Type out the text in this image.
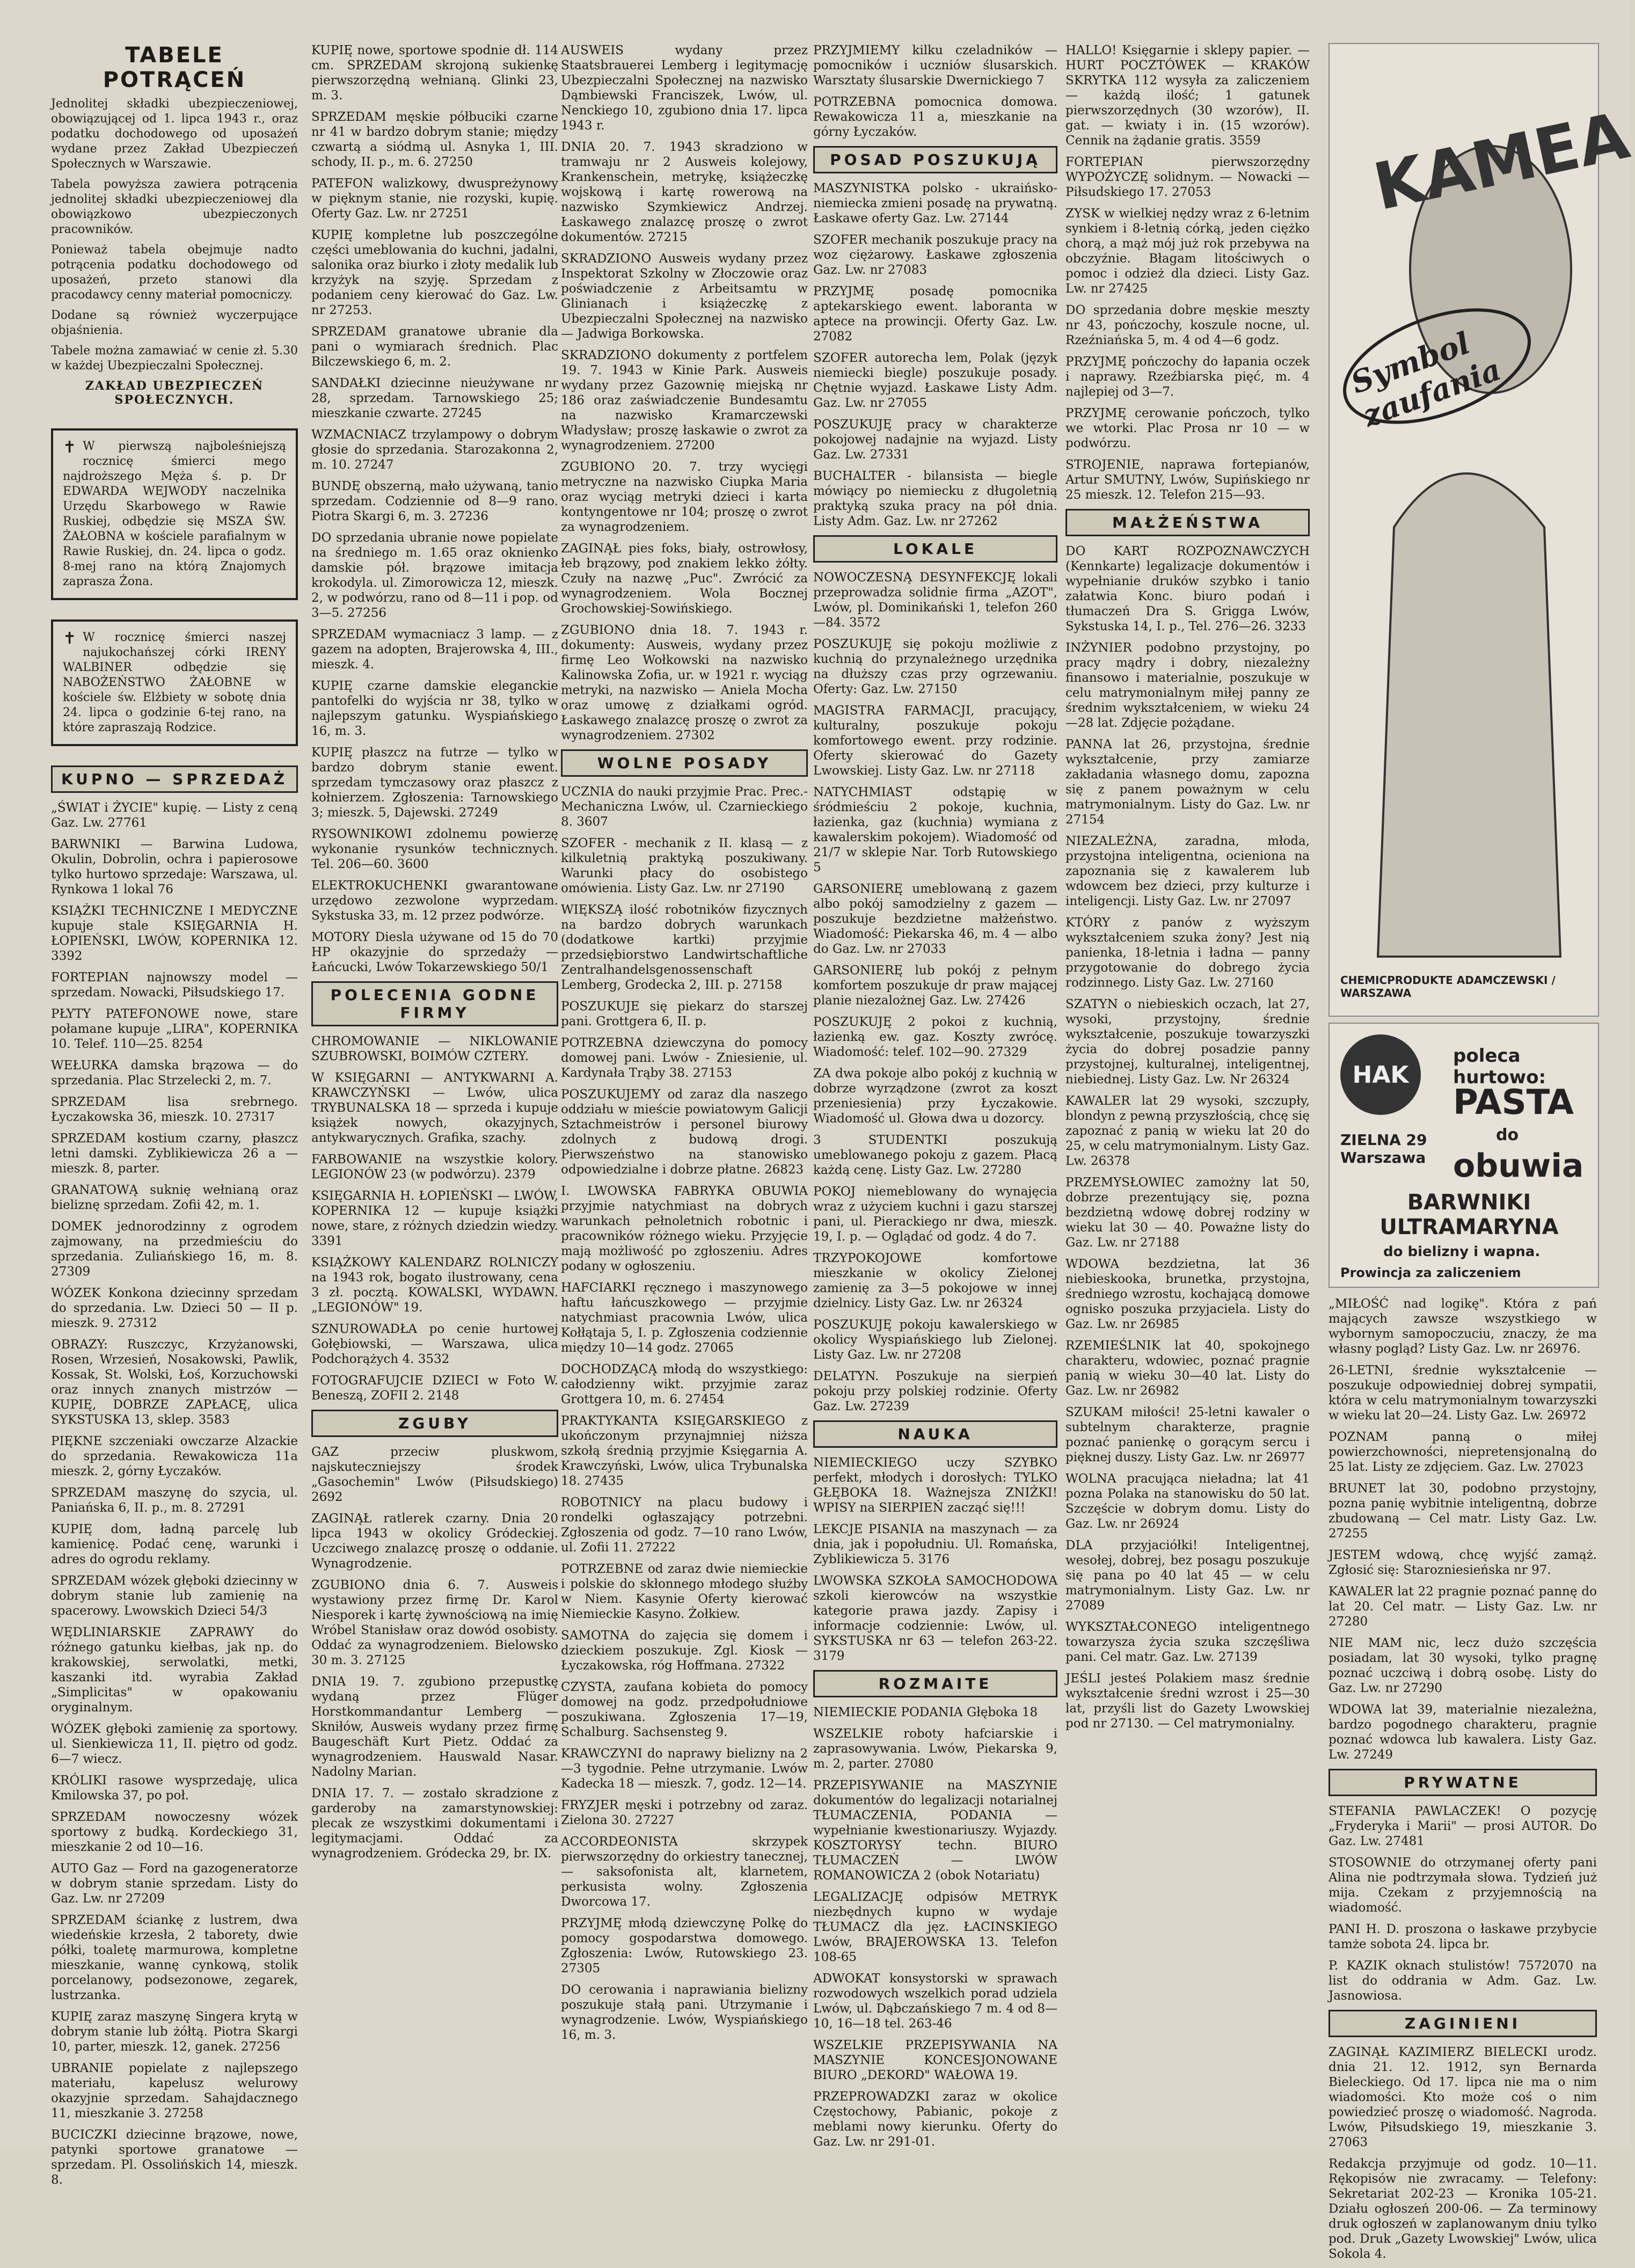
TABELE POTRĄCEŃ
Jednolitej składki ubezpieczeniowej, obowiązującej od 1. lipca 1943 r., oraz podatku dochodowego od uposażeń wydane przez Zakład Ubezpieczeń Społecznych w Warszawie.
Tabela powyższa zawiera potrącenia jednolitej składki ubezpieczeniowej dla obowiązkowo ubezpieczonych pracowników.
Ponieważ tabela obejmuje nadto potrącenia podatku dochodowego od uposażeń, przeto stanowi dla pracodawcy cenny materiał pomocniczy.
Dodane są również wyczerpujące objaśnienia.
Tabele można zamawiać w cenie zł. 5.30 w każdej Ubezpieczalni Społecznej.
ZAKŁAD UBEZPIECZEŃ SPOŁECZNYCH.
✝ W pierwszą najboleśniejszą rocznicę śmierci mego najdroższego Męża ś. p. Dr EDWARDA WEJWODY naczelnika Urzędu Skarbowego w Rawie Ruskiej, odbędzie się MSZA ŚW. ŻAŁOBNA w kościele parafialnym w Rawie Ruskiej, dn. 24. lipca o godz. 8-mej rano na którą Znajomych zaprasza Żona.
✝ W rocznicę śmierci naszej najukochańszej córki IRENY WALBINER odbędzie się NABOŻEŃSTWO ŻAŁOBNE w kościele św. Elżbiety w sobotę dnia 24. lipca o godzinie 6-tej rano, na które zapraszają Rodzice.
KUPNO — SPRZEDAŻ
„ŚWIAT i ŻYCIE" kupię. — Listy z ceną Gaz. Lw. 27761
BARWNIKI — Barwina Ludowa, Okulin, Dobrolin, ochra i papierosowe tylko hurtowo sprzedaje: Warszawa, ul. Rynkowa 1 lokal 76
KSIĄŻKI TECHNICZNE I MEDYCZNE kupuje stale KSIĘGARNIA H. ŁOPIEŃSKI, LWÓW, KOPERNIKA 12. 3392
FORTEPIAN najnowszy model — sprzedam. Nowacki, Piłsudskiego 17.
PŁYTY PATEFONOWE nowe, stare połamane kupuje „LIRA", KOPERNIKA 10. Telef. 110—25. 8254
WEŁURKA damska brązowa — do sprzedania. Plac Strzelecki 2, m. 7.
SPRZEDAM lisa srebrnego. Łyczakowska 36, mieszk. 10. 27317
SPRZEDAM kostium czarny, płaszcz letni damski. Zyblikiewicza 26 a — mieszk. 8, parter.
GRANATOWĄ suknię wełnianą oraz bieliznę sprzedam. Zofii 42, m. 1.
DOMEK jednorodzinny z ogrodem zajmowany, na przedmieściu do sprzedania. Zuliańskiego 16, m. 8. 27309
WÓZEK Konkona dziecinny sprzedam do sprzedania. Lw. Dzieci 50 — II p. mieszk. 9. 27312
OBRAZY: Ruszczyc, Krzyżanowski, Rosen, Wrzesień, Nosakowski, Pawlik, Kossak, St. Wolski, Łoś, Korzuchowski oraz innych znanych mistrzów — KUPIĘ, DOBRZE ZAPŁACĘ, ulica SYKSTUSKA 13, sklep. 3583
PIĘKNE szczeniaki owczarze Alzackie do sprzedania. Rewakowicza 11a mieszk. 2, górny Łyczaków.
SPRZEDAM maszynę do szycia, ul. Paniańska 6, II. p., m. 8. 27291
KUPIĘ dom, ładną parcelę lub kamienicę. Podać cenę, warunki i adres do ogrodu reklamy.
SPRZEDAM wózek głęboki dziecinny w dobrym stanie lub zamienię na spacerowy. Lwowskich Dzieci 54/3
WĘDLINIARSKIE ZAPRAWY do różnego gatunku kiełbas, jak np. do krakowskiej, serwolatki, metki, kaszanki itd. wyrabia Zakład „Simplicitas" w opakowaniu oryginalnym.
WÓZEK głęboki zamienię za sportowy. ul. Sienkiewicza 11, II. piętro od godz. 6—7 wiecz.
KRÓLIKI rasowe wysprzedaję, ulica Kmilowska 37, po poł.
SPRZEDAM nowoczesny wózek sportowy z budką. Kordeckiego 31, mieszkanie 2 od 10—16.
AUTO Gaz — Ford na gazogeneratorze w dobrym stanie sprzedam. Listy do Gaz. Lw. nr 27209
SPRZEDAM ściankę z lustrem, dwa wiedeńskie krzesła, 2 taborety, dwie półki, toaletę marmurowa, kompletne mieszkanie, wannę cynkową, stolik porcelanowy, podsezonowe, zegarek, lustrzanka.
KUPIĘ zaraz maszynę Singera krytą w dobrym stanie lub żółtą. Piotra Skargi 10, parter, mieszk. 12, ganek. 27256
UBRANIE popielate z najlepszego materiału, kapelusz welurowy okazyjnie sprzedam. Sahajdacznego 11, mieszkanie 3. 27258
BUCICZKI dziecinne brązowe, nowe, patynki sportowe granatowe — sprzedam. Pl. Ossolińskich 14, mieszk. 8.
KUPIĘ nowe, sportowe spodnie dł. 114 cm. SPRZEDAM skrojoną sukienkę pierwszorzędną wełnianą. Glinki 23, m. 3.
SPRZEDAM męskie półbuciki czarne nr 41 w bardzo dobrym stanie; między czwartą a siódmą ul. Asnyka 1, III. schody, II. p., m. 6. 27250
PATEFON walizkowy, dwuspreżynowy w pięknym stanie, nie rozyski, kupię. Oferty Gaz. Lw. nr 27251
KUPIĘ kompletne lub poszczególne części umeblowania do kuchni, jadalni, salonika oraz biurko i złoty medalik lub krzyżyk na szyję. Sprzedam z podaniem ceny kierować do Gaz. Lw. nr 27253.
SPRZEDAM granatowe ubranie dla pani o wymiarach średnich. Plac Bilczewskiego 6, m. 2.
SANDAŁKI dziecinne nieużywane nr 28, sprzedam. Tarnowskiego 25; mieszkanie czwarte. 27245
WZMACNIACZ trzylampowy o dobrym głosie do sprzedania. Starozakonna 2, m. 10. 27247
BUNDĘ obszerną, mało używaną, tanio sprzedam. Codziennie od 8—9 rano. Piotra Skargi 6, m. 3. 27236
DO sprzedania ubranie nowe popielate na średniego m. 1.65 oraz oknienko damskie pół. brązowe imitacja krokodyla. ul. Zimorowicza 12, mieszk. 2, w podwórzu, rano od 8—11 i pop. od 3—5. 27256
SPRZEDAM wymacniacz 3 lamp. — z gazem na adopten, Brajerowska 4, III., mieszk. 4.
KUPIĘ czarne damskie eleganckie pantofelki do wyjścia nr 38, tylko w najlepszym gatunku. Wyspiańskiego 16, m. 3.
KUPIĘ płaszcz na futrze — tylko w bardzo dobrym stanie ewent. sprzedam tymczasowy oraz płaszcz z kołnierzem. Zgłoszenia: Tarnowskiego 3; mieszk. 5, Dajewski. 27249
RYSOWNIKOWI zdolnemu powierzę wykonanie rysunków technicznych. Tel. 206—60. 3600
ELEKTROKUCHENKI gwarantowane urzędowo zezwolone wyprzedam. Sykstuska 33, m. 12 przez podwórze.
MOTORY Diesla używane od 15 do 70 HP okazyjnie do sprzedaży — Łańcucki, Lwów Tokarzewskiego 50/1
POLECENIA GODNE FIRMY
CHROMOWANIE — NIKLOWANIE SZUBROWSKI, BOIMÓW CZTERY.
W KSIĘGARNI — ANTYKWARNI A. KRAWCZYŃSKI — Lwów, ulica TRYBUNALSKA 18 — sprzeda i kupuje książek nowych, okazyjnych, antykwarycznych. Grafika, szachy.
FARBOWANIE na wszystkie kolory. LEGIONÓW 23 (w podwórzu). 2379
KSIĘGARNIA H. ŁOPIEŃSKI — LWÓW, KOPERNIKA 12 — kupuje książki nowe, stare, z różnych dziedzin wiedzy. 3391
KSIĄŻKOWY KALENDARZ ROLNICZY na 1943 rok, bogato ilustrowany, cena 3 zł. pocztą. KOWALSKI, WYDAWN. „LEGIONÓW" 19.
SZNUROWADŁA po cenie hurtowej Gołębiowski, — Warszawa, ulica Podchorążych 4. 3532
FOTOGRAFUJCIE DZIECI w Foto W. Beneszą, ZOFII 2. 2148
ZGUBY
GAZ przeciw pluskwom, najskuteczniejszy środek „Gasochemin" Lwów (Piłsudskiego) 2692
ZAGINĄŁ ratlerek czarny. Dnia 20 lipca 1943 w okolicy Gródeckiej. Uczciwego znalazcę proszę o oddanie. Wynagrodzenie.
ZGUBIONO dnia 6. 7. Ausweis wystawiony przez firmę Dr. Karol Niesporek i kartę żywnościową na imię Wróbel Stanisław oraz dowód osobisty. Oddać za wynagrodzeniem. Bielowsko 30 m. 3. 27125
DNIA 19. 7. zgubiono przepustkę wydaną przez Flüger Horstkommandantur Lemberg — Skniłów, Ausweis wydany przez firmę Baugeschäft Kurt Pietz. Oddać za wynagrodzeniem. Hauswald Nasar. Nadolny Marian.
DNIA 17. 7. — zostało skradzione z garderoby na zamarstynowskiej: plecak ze wszystkimi dokumentami i legitymacjami. Oddać za wynagrodzeniem. Gródecka 29, br. IX.
AUSWEIS wydany przez Staatsbrauerei Lemberg i legitymację Ubezpieczalni Społecznej na nazwisko Dąmbiewski Franciszek, Lwów, ul. Nenckiego 10, zgubiono dnia 17. lipca 1943 r.
DNIA 20. 7. 1943 skradziono w tramwaju nr 2 Ausweis kolejowy, Krankenschein, metrykę, książeczkę wojskową i kartę rowerową na nazwisko Szymkiewicz Andrzej. Łaskawego znalazcę proszę o zwrot dokumentów. 27215
SKRADZIONO Ausweis wydany przez Inspektorat Szkolny w Złoczowie oraz poświadczenie z Arbeitsamtu w Glinianach i książeczkę z Ubezpieczalni Społecznej na nazwisko — Jadwiga Borkowska.
SKRADZIONO dokumenty z portfelem 19. 7. 1943 w Kinie Park. Ausweis wydany przez Gazownię miejską nr 186 oraz zaświadczenie Bundesamtu na nazwisko Kramarczewski Władysław; proszę łaskawie o zwrot za wynagrodzeniem. 27200
ZGUBIONO 20. 7. trzy wycięgi metryczne na nazwisko Ciupka Maria oraz wyciąg metryki dzieci i karta kontyngentowe nr 104; proszę o zwrot za wynagrodzeniem.
ZAGINĄŁ pies foks, biały, ostrowłosy, łeb brązowy, pod znakiem lekko żółty. Czuły na nazwę „Puc". Zwrócić za wynagrodzeniem. Wola Bocznej Grochowskiej-Sowińskiego.
ZGUBIONO dnia 18. 7. 1943 r. dokumenty: Ausweis, wydany przez firmę Leo Wołkowski na nazwisko Kalinowska Zofia, ur. w 1921 r. wyciąg metryki, na nazwisko — Aniela Mocha oraz umowę z działkami ogród. Łaskawego znalazcę proszę o zwrot za wynagrodzeniem. 27302
WOLNE POSADY
UCZNIA do nauki przyjmie Prac. Prec.-Mechaniczna Lwów, ul. Czarnieckiego 8. 3607
SZOFER - mechanik z II. klasą — z kilkuletnią praktyką poszukiwany. Warunki płacy do osobistego omówienia. Listy Gaz. Lw. nr 27190
WIĘKSZĄ ilość robotników fizycznych na bardzo dobrych warunkach (dodatkowe kartki) przyjmie przedsiębiorstwo Landwirtschaftliche Zentralhandelsgenossenschaft Lemberg, Grodecka 2, III. p. 27158
POSZUKUJE się piekarz do starszej pani. Grottgera 6, II. p.
POTRZEBNA dziewczyna do pomocy domowej pani. Lwów - Zniesienie, ul. Kardynała Trąby 38. 27153
POSZUKUJEMY od zaraz dla naszego oddziału w mieście powiatowym Galicji Sztachmeistrów i personel biurowy zdolnych z budową drogi. Pierwszeństwo na stanowisko odpowiedzialne i dobrze płatne. 26823
I. LWOWSKA FABRYKA OBUWIA przyjmie natychmiast na dobrych warunkach pełnoletnich robotnic i pracowników różnego wieku. Przyjęcie mają możliwość po zgłoszeniu. Adres podany w ogłoszeniu.
HAFCIARKI ręcznego i maszynowego haftu łańcuszkowego — przyjmie natychmiast pracownia Lwów, ulica Kołłątaja 5, I. p. Zgłoszenia codziennie między 10—14 godz. 27065
DOCHODZĄCĄ młodą do wszystkiego: całodzienny wikt. przyjmie zaraz Grottgera 10, m. 6. 27454
PRAKTYKANTA KSIĘGARSKIEGO z ukończonym przynajmniej niższa szkołą średnią przyjmie Księgarnia A. Krawczyński, Lwów, ulica Trybunalska 18. 27435
ROBOTNICY na placu budowy i rondelki ogłaszający potrzebni. Zgłoszenia od godz. 7—10 rano Lwów, ul. Zofii 11. 27222
POTRZEBNE od zaraz dwie niemieckie i polskie do skłonnego młodego służby w Niem. Kasynie Oferty kierować Niemieckie Kasyno. Żołkiew.
SAMOTNA do zajęcia się domem i dzieckiem poszukuje. Zgl. Kiosk — Łyczakowska, róg Hoffmana. 27322
CZYSTA, zaufana kobieta do pomocy domowej na godz. przedpołudniowe poszukiwana. Zgłoszenia 17—19, Schalburg. Sachsensteg 9.
KRAWCZYNI do naprawy bielizny na 2—3 tygodnie. Pełne utrzymanie. Lwów Kadecka 18 — mieszk. 7, godz. 12—14.
FRYZJER męski i potrzebny od zaraz. Zielona 30. 27227
ACCORDEONISTA skrzypek pierwszorzędny do orkiestry tanecznej, — saksofonista alt, klarnetem, perkusista wolny. Zgłoszenia Dworcowa 17.
PRZYJMĘ młodą dziewczynę Polkę do pomocy gospodarstwa domowego. Zgłoszenia: Lwów, Rutowskiego 23. 27305
DO cerowania i naprawiania bielizny poszukuje stałą pani. Utrzymanie i wynagrodzenie. Lwów, Wyspiańskiego 16, m. 3.
PRZYJMIEMY kilku czeladników — pomocników i uczniów ślusarskich. Warsztaty ślusarskie Dwernickiego 7
POTRZEBNA pomocnica domowa. Rewakowicza 11 a, mieszkanie na górny Łyczaków.
POSAD POSZUKUJĄ
MASZYNISTKA polsko - ukraińsko-niemiecka zmieni posadę na prywatną. Łaskawe oferty Gaz. Lw. 27144
SZOFER mechanik poszukuje pracy na woz ciężarowy. Łaskawe zgłoszenia Gaz. Lw. nr 27083
PRZYJMĘ posadę pomocnika aptekarskiego ewent. laboranta w aptece na prowincji. Oferty Gaz. Lw. 27082
SZOFER autorecha lem, Polak (język niemiecki biegle) poszukuje posady. Chętnie wyjazd. Łaskawe Listy Adm. Gaz. Lw. nr 27055
POSZUKUJĘ pracy w charakterze pokojowej nadajnie na wyjazd. Listy Gaz. Lw. 27331
BUCHALTER - bilansista — biegle mówiący po niemiecku z długoletnią praktyką szuka pracy na pół dnia. Listy Adm. Gaz. Lw. nr 27262
LOKALE
NOWOCZESNĄ DESYNFEKCJĘ lokali przeprowadza solidnie firma „AZOT", Lwów, pl. Dominikański 1, telefon 260—84. 3572
POSZUKUJĘ się pokoju możliwie z kuchnią do przynależnego urzędnika na dłuższy czas przy ogrzewaniu. Oferty: Gaz. Lw. 27150
MAGISTRA FARMACJI, pracujący, kulturalny, poszukuje pokoju komfortowego ewent. przy rodzinie. Oferty skierować do Gazety Lwowskiej. Listy Gaz. Lw. nr 27118
NATYCHMIAST odstąpię w śródmieściu 2 pokoje, kuchnia, łazienka, gaz (kuchnia) wymiana z kawalerskim pokojem). Wiadomość od 21/7 w sklepie Nar. Torb Rutowskiego 5
GARSONIERĘ umeblowaną z gazem albo pokój samodzielny z gazem — poszukuje bezdzietne małżeństwo. Wiadomość: Piekarska 46, m. 4 — albo do Gaz. Lw. nr 27033
GARSONIERĘ lub pokój z pełnym komfortem poszukuje dr praw mającej planie niezalożnej Gaz. Lw. 27426
POSZUKUJĘ 2 pokoi z kuchnią, łazienką ew. gaz. Koszty zwrócę. Wiadomość: telef. 102—90. 27329
ZA dwa pokoje albo pokój z kuchnią w dobrze wyrządzone (zwrot za koszt przeniesienia) przy Łyczakowie. Wiadomość ul. Głowa dwa u dozorcy.
3 STUDENTKI poszukują umeblowanego pokoju z gazem. Płacą każdą cenę. Listy Gaz. Lw. 27280
POKOJ niemeblowany do wynajęcia wraz z użyciem kuchni i gazu starszej pani, ul. Pierackiego nr dwa, mieszk. 19, I. p. — Oglądać od godz. 4 do 7.
TRZYPOKOJOWE komfortowe mieszkanie w okolicy Zielonej zamienię za 3—5 pokojowe w innej dzielnicy. Listy Gaz. Lw. nr 26324
POSZUKUJĘ pokoju kawalerskiego w okolicy Wyspiańskiego lub Zielonej. Listy Gaz. Lw. nr 27208
DELATYN. Poszukuje na sierpień pokoju przy polskiej rodzinie. Oferty Gaz. Lw. 27239
NAUKA
NIEMIECKIEGO uczy SZYBKO perfekt, młodych i dorosłych: TYLKO GŁĘBOKA 18. Ważnejsza ZNIŻKI! WPISY na SIERPIEŃ zacząć się!!!
LEKCJE PISANIA na maszynach — za dnia, jak i popołudniu. Ul. Romańska, Zyblikiewicza 5. 3176
LWOWSKA SZKOŁA SAMOCHODOWA szkoli kierowców na wszystkie kategorie prawa jazdy. Zapisy i informacje codziennie: Lwów, ul. SYKSTUSKA nr 63 — telefon 263-22. 3179
ROZMAITE
NIEMIECKIE PODANIA Głęboka 18
WSZELKIE roboty hafciarskie i zaprasowywania. Lwów, Piekarska 9, m. 2, parter. 27080
PRZEPISYWANIE na MASZYNIE dokumentów do legalizacji notarialnej TŁUMACZENIA, PODANIA — wypełnianie kwestionariuszy. Wyjazdy. KOSZTORYSY techn. BIURO TŁUMACZEŃ — LWÓW ROMANOWICZA 2 (obok Notariatu)
LEGALIZACJĘ odpisów METRYK niezbędnych kupno w wydaje TŁUMACZ dla jęz. ŁACINSKIEGO Lwów, BRAJEROWSKA 13. Telefon 108-65
ADWOKAT konsystorski w sprawach rozwodowych wszelkich porad udziela Lwów, ul. Dąbczańskiego 7 m. 4 od 8—10, 16—18 tel. 263-46
WSZELKIE PRZEPISYWANIA NA MASZYNIE KONCESJONOWANE BIURO „DEKORD" WAŁOWA 19.
PRZEPROWADZKI zaraz w okolice Częstochowy, Pabianic, pokoje z meblami nowy kierunku. Oferty do Gaz. Lw. nr 291-01.
HALLO! Księgarnie i sklepy papier. — HURT POCZTÓWEK — KRAKÓW SKRYTKA 112 wysyła za zaliczeniem — każdą ilość; 1 gatunek pierwszorzędnych (30 wzorów), II. gat. — kwiaty i in. (15 wzorów). Cennik na żądanie gratis. 3559
FORTEPIAN pierwszorzędny WYPOŻYCZĘ solidnym. — Nowacki — Piłsudskiego 17. 27053
ZYSK w wielkiej nędzy wraz z 6-letnim synkiem i 8-letnią córką, jeden ciężko chorą, a mąż mój już rok przebywa na obczyźnie. Błagam litościwych o pomoc i odzież dla dzieci. Listy Gaz. Lw. nr 27425
DO sprzedania dobre męskie meszty nr 43, pończochy, koszule nocne, ul. Rzeźniańska 5, m. 4 od 4—6 godz.
PRZYJMĘ pończochy do łapania oczek i naprawy. Rzeźbiarska pięć, m. 4 najlepiej od 3—7.
PRZYJMĘ cerowanie pończoch, tylko we wtorki. Plac Prosa nr 10 — w podwórzu.
STROJENIE, naprawa fortepianów, Artur SMUTNY, Lwów, Supińskiego nr 25 mieszk. 12. Telefon 215—93.
MAŁŻEŃSTWA
DO KART ROZPOZNAWCZYCH (Kennkarte) legalizacje dokumentów i wypełnianie druków szybko i tanio załatwia Konc. biuro podań i tłumaczeń Dra S. Grigga Lwów, Sykstuska 14, I. p., Tel. 276—26. 3233
INŻYNIER podobno przystojny, po pracy mądry i dobry, niezależny finansowo i materialnie, poszukuje w celu matrymonialnym miłej panny ze średnim wykształceniem, w wieku 24—28 lat. Zdjęcie pożądane.
PANNA lat 26, przystojna, średnie wykształcenie, przy zamiarze zakładania własnego domu, zapozna się z panem poważnym w celu matrymonialnym. Listy do Gaz. Lw. nr 27154
NIEZALEŻNA, zaradna, młoda, przystojna inteligentna, ocieniona na zapoznania się z kawalerem lub wdowcem bez dzieci, przy kulturze i inteligencji. Listy Gaz. Lw. nr 27097
KTÓRY z panów z wyższym wykształceniem szuka żony? Jest nią panienka, 18-letnia i ładna — panny przygotowanie do dobrego życia rodzinnego. Listy Gaz. Lw. 27160
SZATYN o niebieskich oczach, lat 27, wysoki, przystojny, średnie wykształcenie, poszukuje towarzyszki życia do dobrej posadzie panny przystojnej, kulturalnej, inteligentnej, niebiednej. Listy Gaz. Lw. Nr 26324
KAWALER lat 29 wysoki, szczupły, blondyn z pewną przyszłością, chcę się zapoznać z panią w wieku lat 20 do 25, w celu matrymonialnym. Listy Gaz. Lw. 26378
PRZEMYSŁOWIEC zamożny lat 50, dobrze prezentujący się, pozna bezdzietną wdowę dobrej rodziny w wieku lat 30 — 40. Poważne listy do Gaz. Lw. nr 27188
WDOWA bezdzietna, lat 36 niebieskooka, brunetka, przystojna, średniego wzrostu, kochającą domowe ognisko poszuka przyjaciela. Listy do Gaz. Lw. nr 26985
RZEMIEŚLNIK lat 40, spokojnego charakteru, wdowiec, poznać pragnie panią w wieku 30—40 lat. Listy do Gaz. Lw. nr 26982
SZUKAM miłości! 25-letni kawaler o subtelnym charakterze, pragnie poznać panienkę o gorącym sercu i pięknej duszy. Listy Gaz. Lw. nr 26977
WOLNA pracująca nieładna; lat 41 pozna Polaka na stanowisku do 50 lat. Szczęście w dobrym domu. Listy do Gaz. Lw. nr 26924
DLA przyjaciółki! Inteligentnej, wesołej, dobrej, bez posagu poszukuje się pana po 40 lat 45 — w celu matrymonialnym. Listy Gaz. Lw. nr 27089
WYKSZTAŁCONEGO inteligentnego towarzysza życia szuka szczęśliwa pani. Cel matr. Gaz. Lw. 27139
JEŚLI jesteś Polakiem masz średnie wykształcenie średni wzrost i 25—30 lat, przyśli list do Gazety Lwowskiej pod nr 27130. — Cel matrymonialny.
KAMEA
Symbol zaufania
CHEMICPRODUKTE ADAMCZEWSKI / WARSZAWA
HAK
poleca hurtowo:
PASTA
do
obuwia
ZIELNA 29 Warszawa
BARWNIKI ULTRAMARYNA
do bielizny i wapna.
Prowincja za zaliczeniem
„MIŁOŚĆ nad logikę". Która z pań mających zawsze wszystkiego w wybornym samopoczuciu, znaczy, że ma własny pogląd? Listy Gaz. Lw. nr 26976.
26-LETNI, średnie wykształcenie — poszukuje odpowiedniej dobrej sympatii, która w celu matrymonialnym towarzyszki w wieku lat 20—24. Listy Gaz. Lw. 26972
POZNAM panną o miłej powierzchowności, niepretensjonalną do 25 lat. Listy ze zdjęciem. Gaz. Lw. 27023
BRUNET lat 30, podobno przystojny, pozna panię wybitnie inteligentną, dobrze zbudowaną — Cel matr. Listy Gaz. Lw. 27255
JESTEM wdową, chcę wyjść zamąż. Zgłosić się: Starozniesieńska nr 97.
KAWALER lat 22 pragnie poznać pannę do lat 20. Cel matr. — Listy Gaz. Lw. nr 27280
NIE MAM nic, lecz dużo szczęścia posiadam, lat 30 wysoki, tylko pragnę poznać uczciwą i dobrą osobę. Listy do Gaz. Lw. nr 27290
WDOWA lat 39, materialnie niezależna, bardzo pogodnego charakteru, pragnie poznać wdowca lub kawalera. Listy Gaz. Lw. 27249
PRYWATNE
STEFANIA PAWLACZEK! O pozycję „Fryderyka i Marii" — prosi AUTOR. Do Gaz. Lw. 27481
STOSOWNIE do otrzymanej oferty pani Alina nie podtrzymała słowa. Tydzień już mija. Czekam z przyjemnością na wiadomość.
PANI H. D. proszona o łaskawe przybycie tamże sobota 24. lipca br.
P. KAZIK oknach stulistów! 7572070 na list do oddrania w Adm. Gaz. Lw. Jasnowiosa.
ZAGINIENI
ZAGINĄŁ KAZIMIERZ BIELECKI urodz. dnia 21. 12. 1912, syn Bernarda Bieleckiego. Od 17. lipca nie ma o nim wiadomości. Kto może coś o nim powiedzieć proszę o wiadomość. Nagroda. Lwów, Piłsudskiego 19, mieszkanie 3. 27063
Redakcja przyjmuje od godz. 10—11. Rękopisów nie zwracamy. — Telefony: Sekretariat 202-23 — Kronika 105-21. Działu ogłoszeń 200-06. — Za terminowy druk ogłoszeń w zaplanowanym dniu tylko pod. Druk „Gazety Lwowskiej" Lwów, ulica Sokola 4.
